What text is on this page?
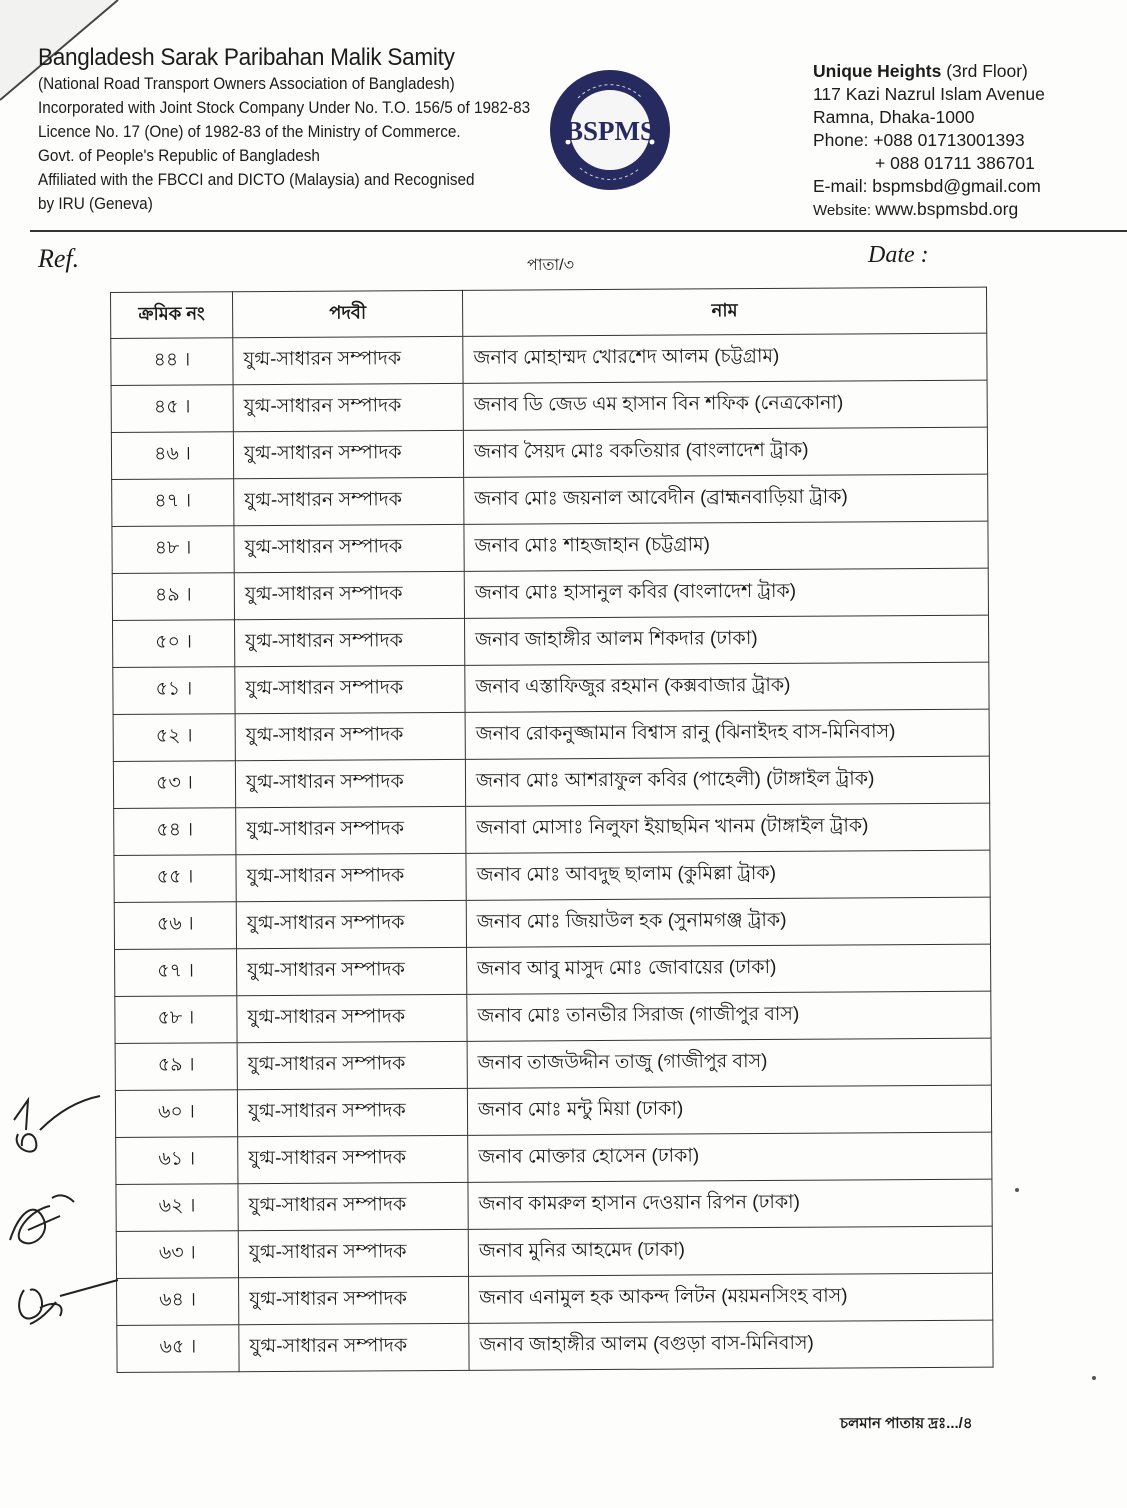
Bangladesh Sarak Paribahan Malik Samity
(National Road Transport Owners Association of Bangladesh)
Incorporated with Joint Stock Company Under No. T.O. 156/5 of 1982-83
Licence No. 17 (One) of 1982-83 of the Ministry of Commerce.
Govt. of People's Republic of Bangladesh
Affiliated with the FBCCI and DICTO (Malaysia) and Recognised
by IRU (Geneva)
BSPMS
Unique Heights (3rd Floor)
117 Kazi Nazrul Islam Avenue
Ramna, Dhaka-1000
Phone: +088 01713001393
+ 088 01711 386701
E-mail: bspmsbd@gmail.com
Website: www.bspmsbd.org
Ref.	পাতা/৩	Date :
ক্রমিক নং	পদবী	নাম
৪৪ ।	যুগ্ম-সাধারন সম্পাদক	জনাব মোহাম্মদ খোরশেদ আলম (চট্টগ্রাম)
৪৫ ।	যুগ্ম-সাধারন সম্পাদক	জনাব ডি জেড এম হাসান বিন শফিক (নেত্রকোনা)
৪৬ ।	যুগ্ম-সাধারন সম্পাদক	জনাব সৈয়দ মোঃ বকতিয়ার (বাংলাদেশ ট্রাক)
৪৭ ।	যুগ্ম-সাধারন সম্পাদক	জনাব মোঃ জয়নাল আবেদীন (ব্রাহ্মনবাড়িয়া ট্রাক)
৪৮ ।	যুগ্ম-সাধারন সম্পাদক	জনাব মোঃ শাহজাহান (চট্টগ্রাম)
৪৯ ।	যুগ্ম-সাধারন সম্পাদক	জনাব মোঃ হাসানুল কবির (বাংলাদেশ ট্রাক)
৫০ ।	যুগ্ম-সাধারন সম্পাদক	জনাব জাহাঙ্গীর আলম শিকদার (ঢাকা)
৫১ ।	যুগ্ম-সাধারন সম্পাদক	জনাব এস্তাফিজুর রহমান (কক্সবাজার ট্রাক)
৫২ ।	যুগ্ম-সাধারন সম্পাদক	জনাব রোকনুজ্জামান বিশ্বাস রানু (ঝিনাইদহ বাস-মিনিবাস)
৫৩ ।	যুগ্ম-সাধারন সম্পাদক	জনাব মোঃ আশরাফুল কবির (পাহেলী) (টাঙ্গাইল ট্রাক)
৫৪ ।	যুগ্ম-সাধারন সম্পাদক	জনাবা মোসাঃ নিলুফা ইয়াছমিন খানম (টাঙ্গাইল ট্রাক)
৫৫ ।	যুগ্ম-সাধারন সম্পাদক	জনাব মোঃ আবদুছ ছালাম (কুমিল্লা ট্রাক)
৫৬ ।	যুগ্ম-সাধারন সম্পাদক	জনাব মোঃ জিয়াউল হক (সুনামগঞ্জ ট্রাক)
৫৭ ।	যুগ্ম-সাধারন সম্পাদক	জনাব আবু মাসুদ মোঃ জোবায়ের (ঢাকা)
৫৮ ।	যুগ্ম-সাধারন সম্পাদক	জনাব মোঃ তানভীর সিরাজ (গাজীপুর বাস)
৫৯ ।	যুগ্ম-সাধারন সম্পাদক	জনাব তাজউদ্দীন তাজু (গাজীপুর বাস)
৬০ ।	যুগ্ম-সাধারন সম্পাদক	জনাব মোঃ মন্টু মিয়া (ঢাকা)
৬১ ।	যুগ্ম-সাধারন সম্পাদক	জনাব মোক্তার হোসেন (ঢাকা)
৬২ ।	যুগ্ম-সাধারন সম্পাদক	জনাব কামরুল হাসান দেওয়ান রিপন (ঢাকা)
৬৩ ।	যুগ্ম-সাধারন সম্পাদক	জনাব মুনির আহমেদ (ঢাকা)
৬৪ ।	যুগ্ম-সাধারন সম্পাদক	জনাব এনামুল হক আকন্দ লিটন (ময়মনসিংহ বাস)
৬৫ ।	যুগ্ম-সাধারন সম্পাদক	জনাব জাহাঙ্গীর আলম (বগুড়া বাস-মিনিবাস)
চলমান পাতায় দ্রঃ.../৪
